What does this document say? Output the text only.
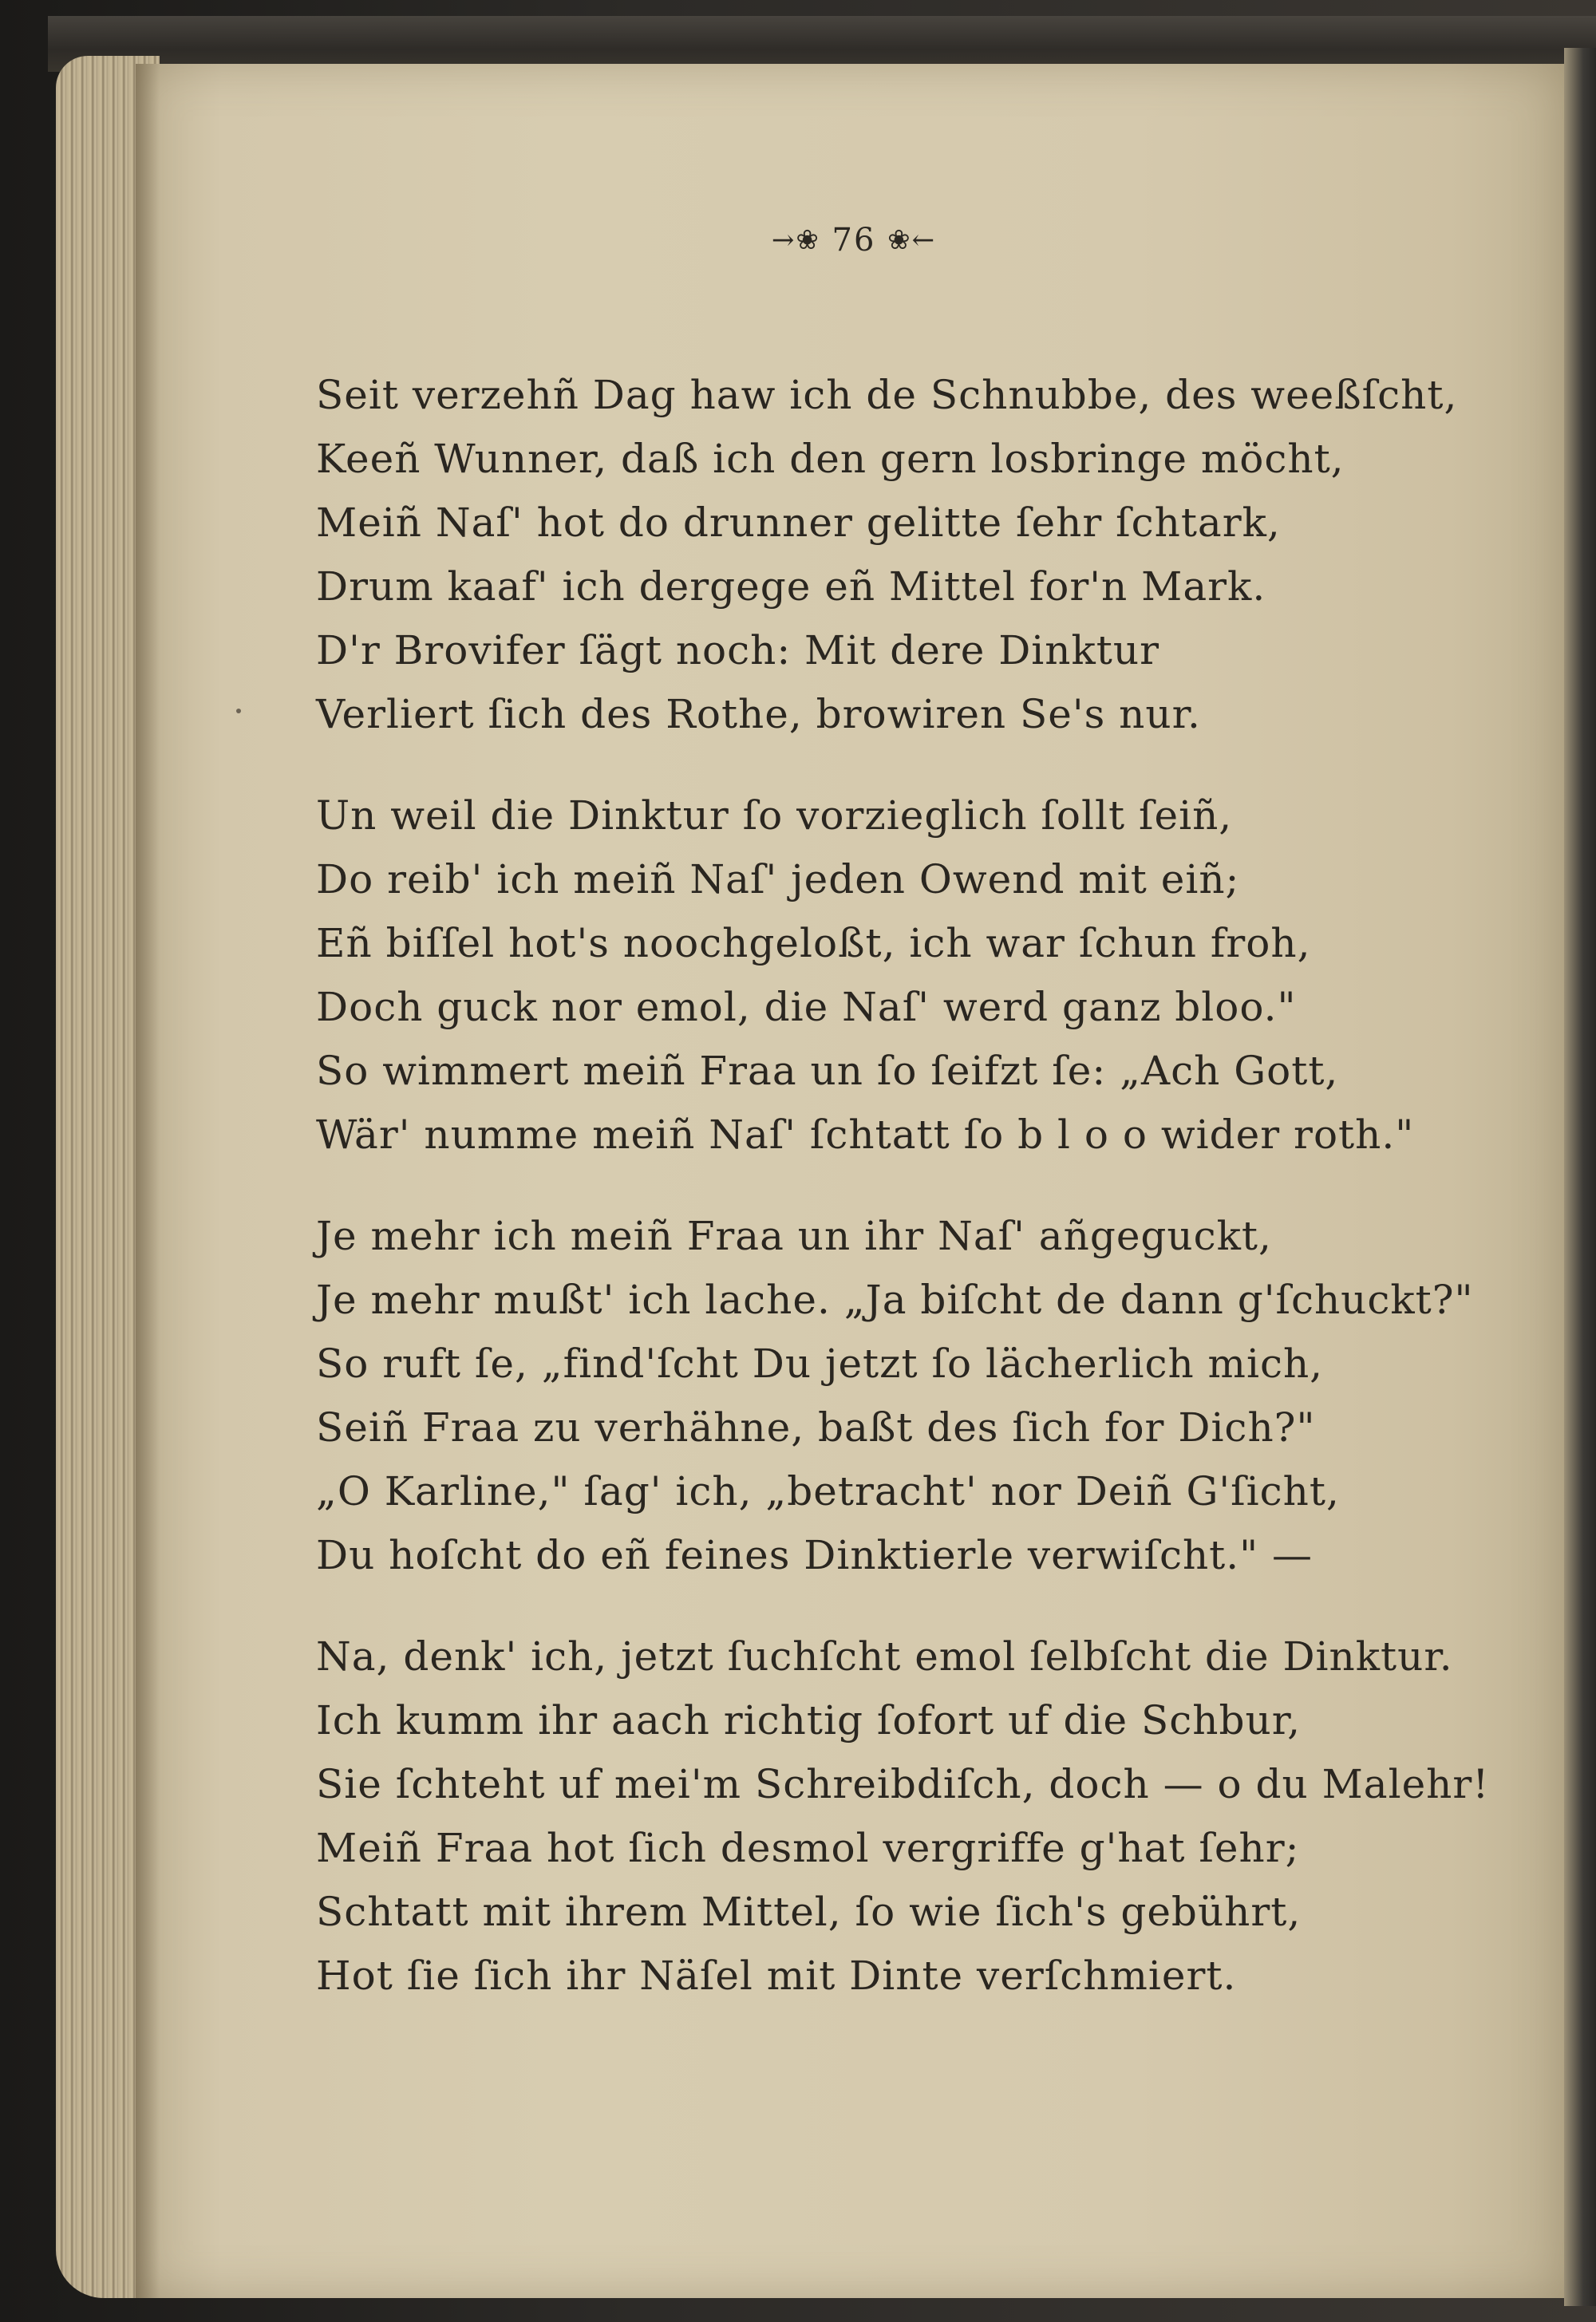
→❀ 76 ❀←
Seit verzehñ Dag haw ich de Schnubbe, des weeßſcht,
Keeñ Wunner, daß ich den gern losbringe möcht,
Meiñ Naſ' hot do drunner gelitte ſehr ſchtark,
Drum kaaf' ich dergege eñ Mittel for'n Mark.
D'r Brovifer ſägt noch: Mit dere Dinktur
Verliert ſich des Rothe, browiren Se's nur.
Un weil die Dinktur ſo vorzieglich ſollt ſeiñ,
Do reib' ich meiñ Naſ' jeden Owend mit eiñ;
Eñ biſſel hot's noochgeloßt, ich war ſchun froh,
Doch guck nor emol, die Naſ' werd ganz bloo."
So wimmert meiñ Fraa un ſo ſeifzt ſe: „Ach Gott,
Wär' numme meiñ Naſ' ſchtatt ſo b l o o wider roth."
Je mehr ich meiñ Fraa un ihr Naſ' añgeguckt,
Je mehr mußt' ich lache. „Ja biſcht de dann g'ſchuckt?"
So ruft ſe, „find'ſcht Du jetzt ſo lächerlich mich,
Seiñ Fraa zu verhähne, baßt des ſich for Dich?"
„O Karline," ſag' ich, „betracht' nor Deiñ G'ſicht,
Du hoſcht do eñ feines Dinktierle verwiſcht." —
Na, denk' ich, jetzt ſuchſcht emol ſelbſcht die Dinktur.
Ich kumm ihr aach richtig ſofort uf die Schbur,
Sie ſchteht uf mei'm Schreibdiſch, doch — o du Malehr!
Meiñ Fraa hot ſich desmol vergriffe g'hat ſehr;
Schtatt mit ihrem Mittel, ſo wie ſich's gebührt,
Hot ſie ſich ihr Näſel mit Dinte verſchmiert.
